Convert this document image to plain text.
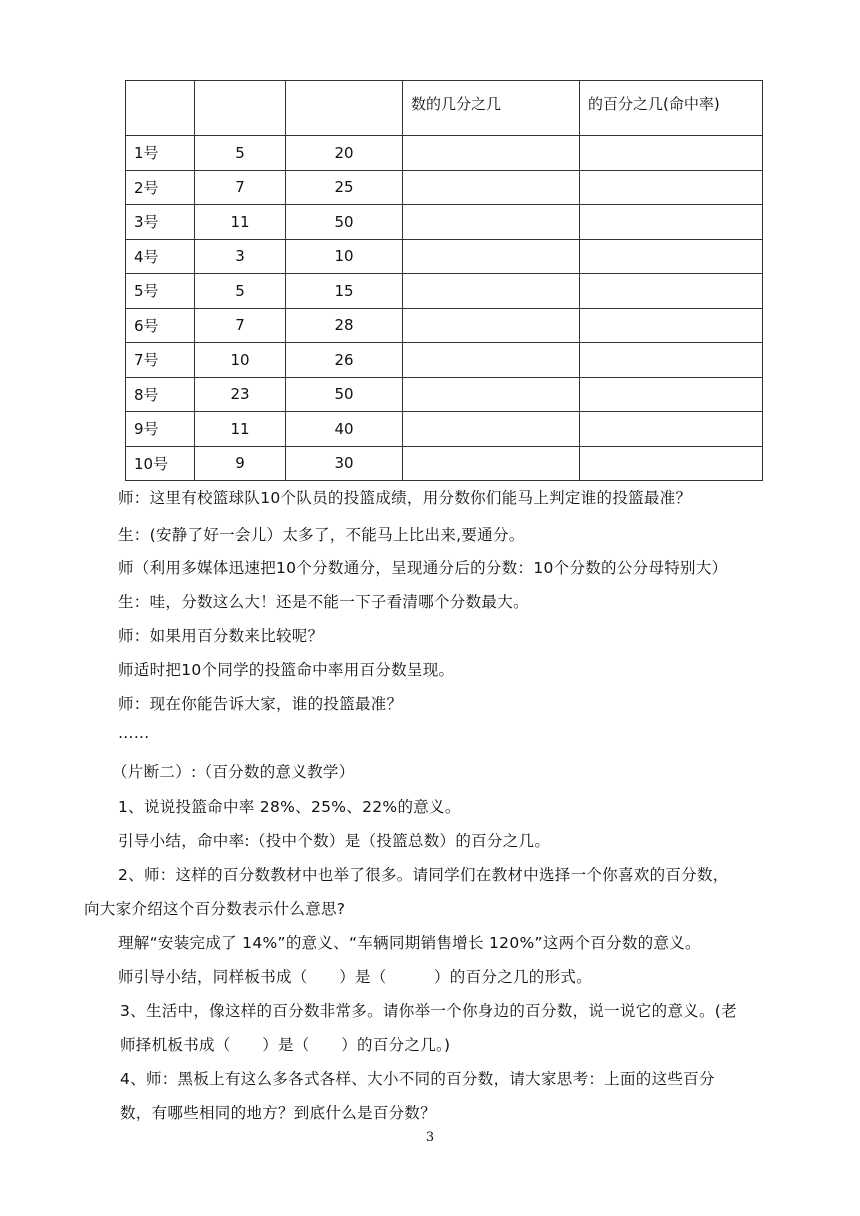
			数的几分之几	的百分之几(命中率)

1号	5	20		
2号	7	25		
3号	11	50		
4号	3	10		
5号	5	15		
6号	7	28		
7号	10	26		
8号	23	50		
9号	11	40		
10号	9	30		
师：这里有校篮球队10个队员的投篮成绩，用分数你们能马上判定谁的投篮最准？
生：(安静了好一会儿）太多了，不能马上比出来,要通分。
师（利用多媒体迅速把10个分数通分，呈现通分后的分数：10个分数的公分母特别大）
生：哇，分数这么大！还是不能一下子看清哪个分数最大。
师：如果用百分数来比较呢？
师适时把10个同学的投篮命中率用百分数呈现。
师：现在你能告诉大家，谁的投篮最准？
……
（片断二）:（百分数的意义教学）
1、说说投篮命中率 28%、25%、22%的意义。
引导小结，命中率:（投中个数）是（投篮总数）的百分之几。
2、师：这样的百分数教材中也举了很多。请同学们在教材中选择一个你喜欢的百分数，
向大家介绍这个百分数表示什么意思?
理解“安装完成了 14%”的意义、“车辆同期销售增长 120%”这两个百分数的意义。
师引导小结，同样板书成（　　）是（　　　）的百分之几的形式。
3、生活中，像这样的百分数非常多。请你举一个你身边的百分数，说一说它的意义。(老
师择机板书成（　　）是（　　）的百分之几。)
4、师：黑板上有这么多各式各样、大小不同的百分数，请大家思考：上面的这些百分
数，有哪些相同的地方？到底什么是百分数？
3
